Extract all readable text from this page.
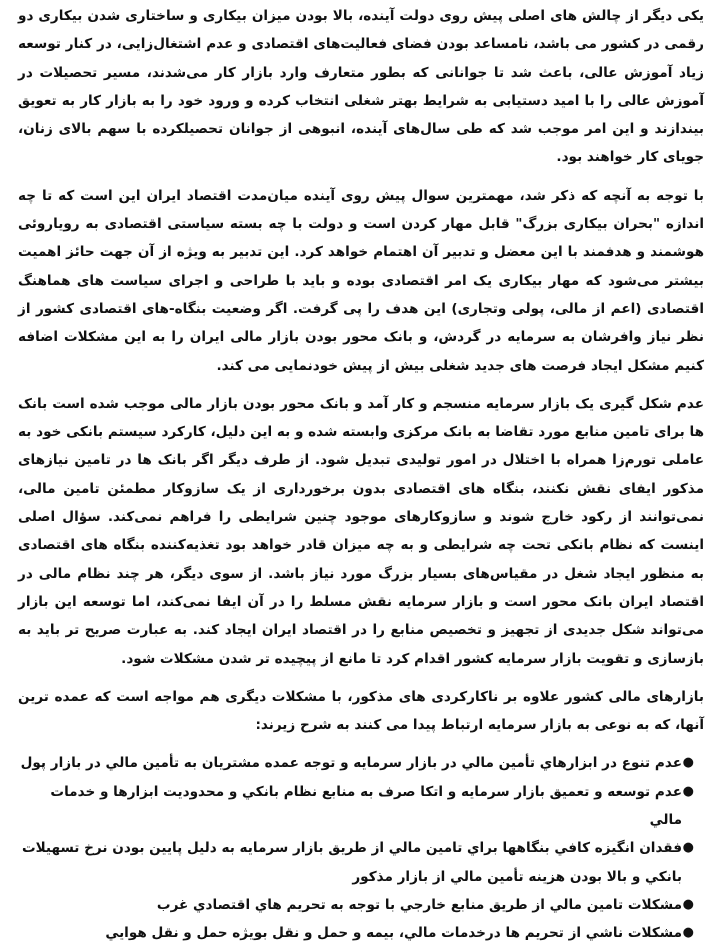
یکی دیگر از چالش های اصلی پیش روی دولت آینده، بالا بودن میزان بیکاری و ساختاری شدن بیکاری دو رقمی در کشور می باشد، نامساعد بودن فضای فعالیت‌های اقتصادی و عدم اشتغال‌زایی، در کنار توسعه زیاد آموزش عالی، باعث شد تا جوانانی که بطور متعارف وارد بازار کار می‌شدند، مسیر تحصیلات در آموزش عالی را با امید دستیابی به شرایط بهتر شغلی انتخاب کرده و ورود خود را به بازار کار به تعویق بیندازند و این امر موجب شد که طی سال‌های آینده، انبوهی از جوانان تحصیلکرده با سهم بالای زنان، جویای کار خواهند بود.

با توجه به آنچه که ذکر شد، مهمترین سوال پیش روی آینده میان‌مدت اقتصاد ایران این است که تا چه اندازه "بحران بیکاری بزرگ" قابل مهار کردن است و دولت با چه بسته سیاستی اقتصادی به رویاروئی هوشمند و هدفمند با این معضل و تدبیر آن اهتمام خواهد کرد. این تدبیر به ویژه از آن جهت حائز اهمیت بیشتر می‌شود که مهار بیکاری یک امر اقتصادی بوده و باید با طراحی و اجرای سیاست های هماهنگ اقتصادی (اعم از مالی، پولی وتجاری) این هدف را پی گرفت. اگر وضعیت بنگاه-های اقتصادی کشور از نظر نیاز وافرشان به سرمایه در گردش، و بانک محور بودن بازار مالی ایران را به این مشکلات اضافه کنیم مشکل ایجاد فرصت های جدید شغلی بیش از پیش خودنمایی می کند.

عدم شکل گیری یک بازار سرمایه منسجم و کار آمد و بانک محور بودن بازار مالی موجب شده است بانک ها برای تامین منابع مورد تقاضا به بانک مرکزی وابسته شده و به این دلیل، کارکرد سیستم بانکی خود به عاملی تورم‌زا همراه با اختلال در امور تولیدی تبدیل شود. از طرف دیگر اگر بانک ها در تامین نیازهای مذکور ایفای نقش نکنند، بنگاه های اقتصادی بدون برخورداری از یک سازوکار مطمئن تامین مالی، نمی‌توانند از رکود خارج شوند و سازوکارهای موجود چنین شرایطی را فراهم نمی‌کند. سؤال اصلی اینست که نظام بانکی تحت چه شرایطی و به چه میزان قادر خواهد بود تغذیه‌کننده بنگاه های اقتصادی به منظور ایجاد شغل در مقیاس‌های بسیار بزرگ مورد نیاز باشد. از سوی دیگر، هر چند نظام مالی در اقتصاد ایران بانک محور است و بازار سرمایه نقش مسلط را در آن ایفا نمی‌کند، اما توسعه این بازار می‌تواند شکل جدیدی از تجهیز و تخصیص منابع را در اقتصاد ایران ایجاد کند. به عبارت صریح تر باید به بازسازی و تقویت بازار سرمایه کشور اقدام کرد تا مانع از پیچیده تر شدن مشکلات شود.

بازارهای مالی کشور علاوه بر ناکارکردی های مذکور، با مشکلات دیگری هم مواجه است که عمده ترین آنها، که به نوعی به بازار سرمایه ارتباط پیدا می کنند به شرح زیرند:

●
عدم تنوع در ابزارهاي تأمين مالي در بازار سرمايه و توجه عمده مشتريان به تأمين مالي در بازار پول
●
عدم توسعه و تعميق بازار سرمايه و اتكا صرف به منابع نظام بانكي و محدوديت ابزارها و خدمات مالي
●
فقدان انگيزه كافي بنگاهها براي تامين مالي از طريق بازار سرمايه به دليل پايين بودن نرخ تسهيلات بانكي و بالا بودن هزينه تأمين مالي از بازار مذكور
●
مشكلات تامين مالي از طريق منابع خارجي با توجه به تحريم هاي اقتصادي غرب
●
مشكلات ناشي از تحريم ها درخدمات مالي، بيمه و حمل و نقل بويژه حمل و نقل هوايي
